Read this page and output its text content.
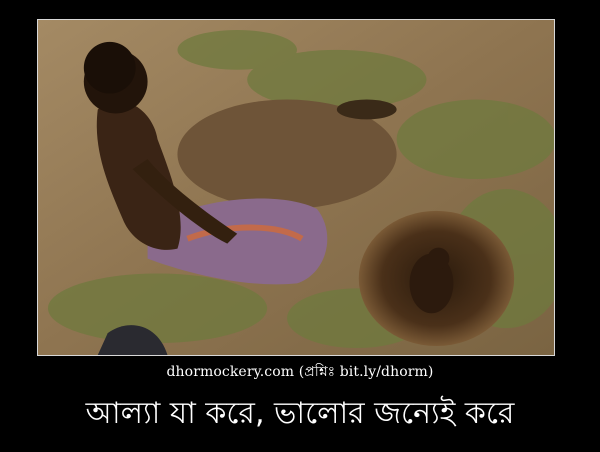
dhormockery.com (প্রশ্নিঃ bit.ly/dhorm)
আল্যা যা করে, ভালোর জন্যেই করে
